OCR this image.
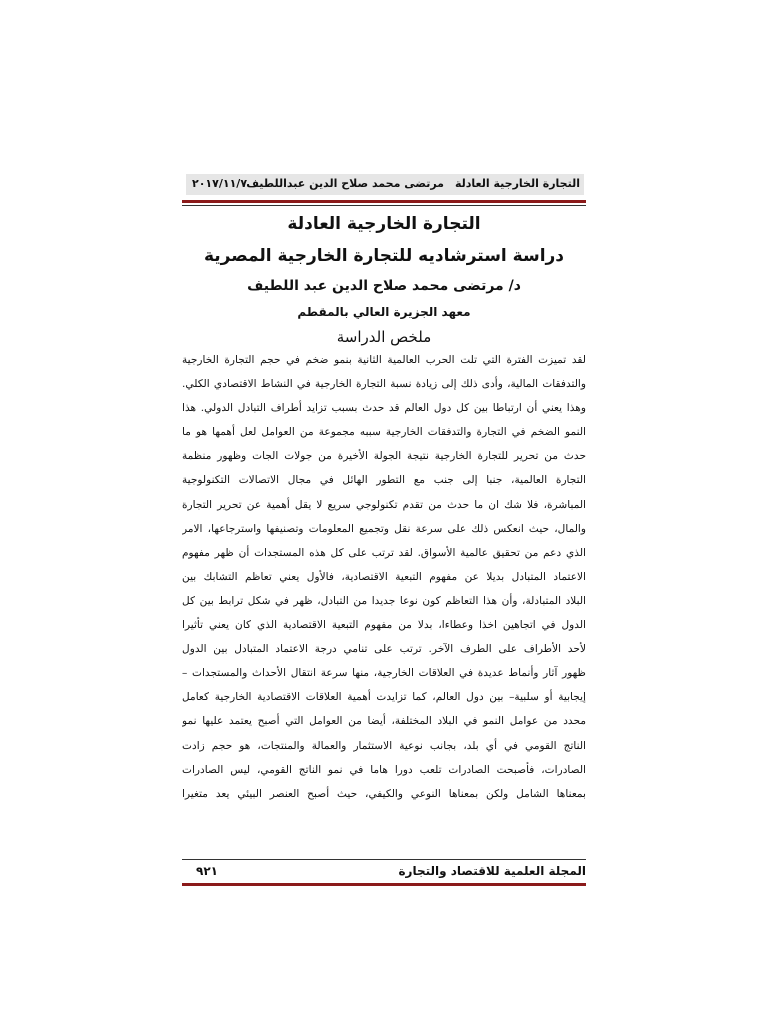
التجارة الخارجية العادلة
مرتضى محمد صلاح الدين عبداللطيف
٢٠١٧/١١/٧

التجارة الخارجية العادلة

دراسة استرشاديه للتجارة الخارجية المصرية

د/ مرتضى محمد صلاح الدين عبد اللطيف

معهد الجزيرة العالي بالمقطم

ملخص الدراسة

لقد تميزت الفترة التي تلت الحرب العالمية الثانية بنمو ضخم في حجم التجارة الخارجية
والتدفقات المالية، وأدى ذلك إلى زيادة نسبة التجارة الخارجية في النشاط الاقتصادي الكلي.
وهذا يعني أن ارتباطا بين كل دول العالم قد حدث بسبب تزايد أطراف التبادل الدولي. هذا
النمو الضخم في التجارة والتدفقات الخارجية سببه مجموعة من العوامل لعل أهمها هو ما
حدث من تحرير للتجارة الخارجية نتيجة الجولة الأخيرة من جولات الجات وظهور منظمة
التجارة العالمية، جنبا إلى جنب مع التطور الهائل في مجال الاتصالات التكنولوجية
المباشرة، فلا شك ان ما حدث من تقدم تكنولوجي سريع لا يقل أهمية عن تحرير التجارة
والمال، حيث انعكس ذلك على سرعة نقل وتجميع المعلومات وتصنيفها واسترجاعها، الامر
الذي دعم من تحقيق عالمية الأسواق. لقد ترتب على كل هذه المستجدات أن ظهر مفهوم
الاعتماد المتبادل بديلا عن مفهوم التبعية الاقتصادية، فالأول يعني تعاظم التشابك بين
البلاد المتبادلة، وأن هذا التعاظم كون نوعا جديدا من التبادل، ظهر في شكل ترابط بين كل
الدول في اتجاهين اخذا وعطاءا، بدلا من مفهوم التبعية الاقتصادية الذي كان يعني تأثيرا
لأحد الأطراف على الطرف الآخر. ترتب على تنامي درجة الاعتماد المتبادل بين الدول
ظهور آثار وأنماط عديدة في العلاقات الخارجية، منها سرعة انتقال الأحداث والمستجدات –
إيجابية أو سلبية– بين دول العالم، كما تزايدت أهمية العلاقات الاقتصادية الخارجية كعامل
محدد من عوامل النمو في البلاد المختلفة، أيضا من العوامل التي أصبح يعتمد عليها نمو
الناتج القومي في أي بلد، بجانب نوعية الاستثمار والعمالة والمنتجات، هو حجم زادت
الصادرات، فأصبحت الصادرات تلعب دورا هاما في نمو الناتج القومي، ليس الصادرات
بمعناها الشامل ولكن بمعناها النوعي والكيفي، حيث أصبح العنصر البيئي يعد متغيرا
المجلة العلمية للاقتصاد والتجارة
٩٢١
